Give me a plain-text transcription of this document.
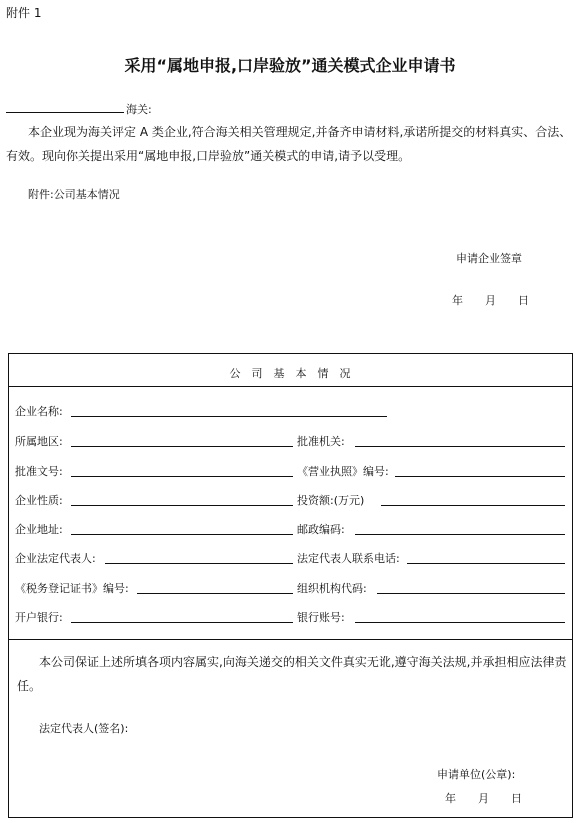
附件 1
采用“属地申报,口岸验放”通关模式企业申请书
海关:
本企业现为海关评定 A 类企业,符合海关相关管理规定,并备齐申请材料,承诺所提交的材料真实、合法、有效。现向你关提出采用“属地申报,口岸验放”通关模式的申请,请予以受理。
附件:公司基本情况
申请企业签章
年　　月　　日
公　司　基　本　情　况
企业名称:
所属地区:	批准机关:
批准文号:	《营业执照》编号:
企业性质:	投资额:(万元)
企业地址:	邮政编码:
企业法定代表人:	法定代表人联系电话:
《税务登记证书》编号:	组织机构代码:
开户银行:	银行账号:
本公司保证上述所填各项内容属实,向海关递交的相关文件真实无讹,遵守海关法规,并承担相应法律责任。
法定代表人(签名):
申请单位(公章):
年　　月　　日
